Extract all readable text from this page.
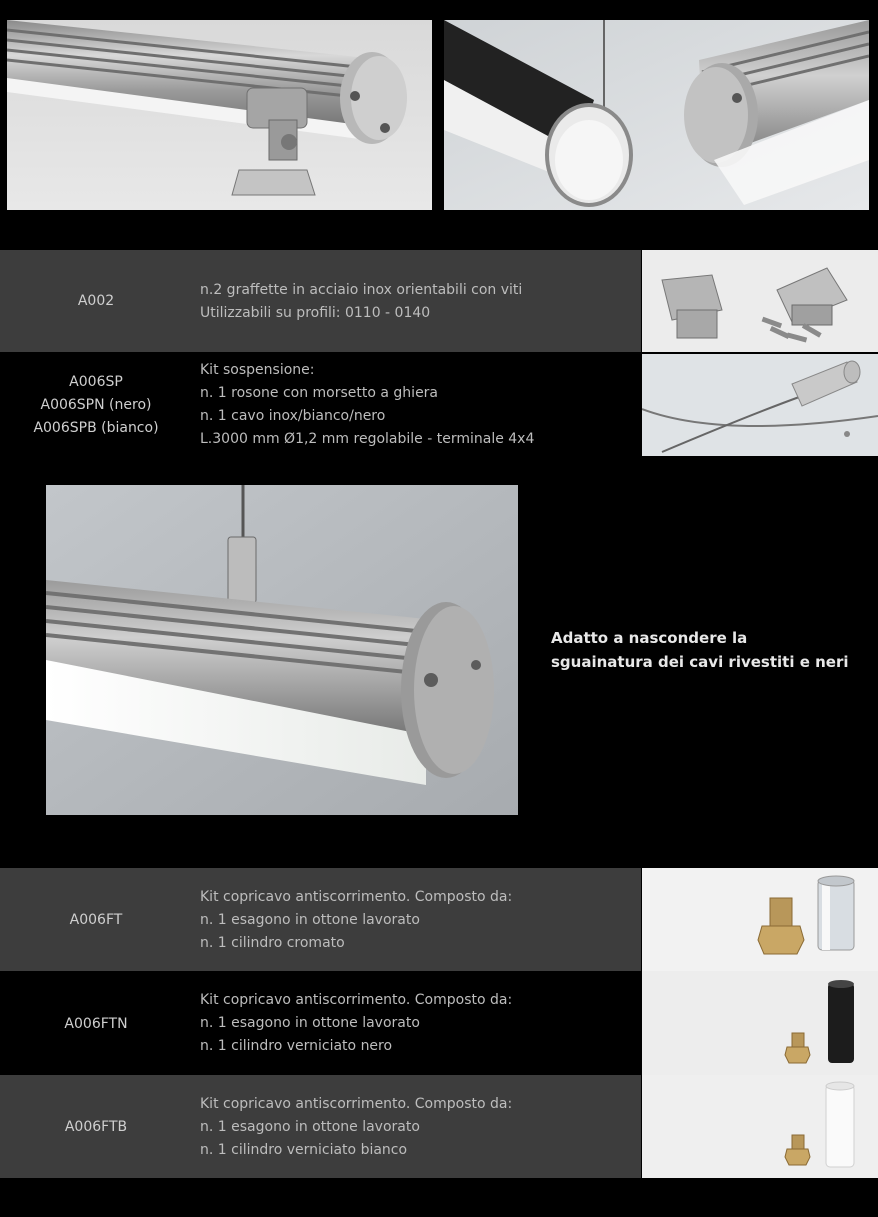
A002
n.2 graffette in acciaio inox orientabili con viti
Utilizzabili su profili: 0110 - 0140
A006SP
A006SPN (nero)
A006SPB (bianco)
Kit sospensione:
n. 1 rosone con morsetto a ghiera
n. 1 cavo inox/bianco/nero
L.3000 mm Ø1,2 mm regolabile - terminale 4x4
Adatto a nascondere la
sguainatura dei cavi rivestiti e neri
A006FT
Kit copricavo antiscorrimento. Composto da:
n. 1 esagono in ottone lavorato
n. 1 cilindro cromato
A006FTN
Kit copricavo antiscorrimento. Composto da:
n. 1 esagono in ottone lavorato
n. 1 cilindro verniciato nero
A006FTB
Kit copricavo antiscorrimento. Composto da:
n. 1 esagono in ottone lavorato
n. 1 cilindro verniciato bianco
